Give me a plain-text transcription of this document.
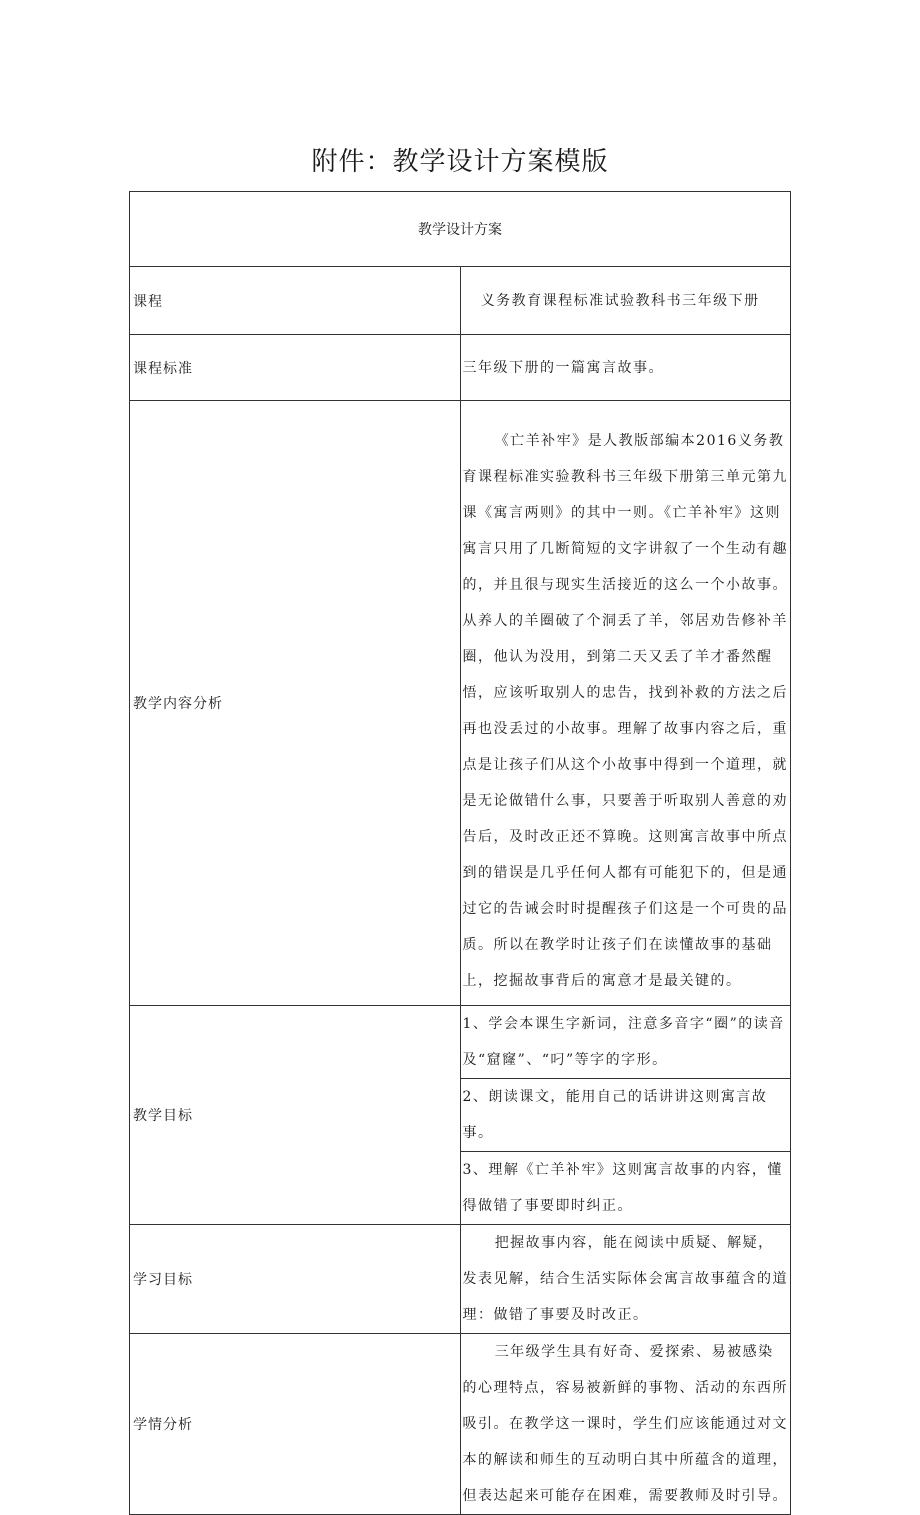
附件：教学设计方案模版
教学设计方案	
课程	义务教育课程标准试验教科书三年级下册
课程标准	三年级下册的一篇寓言故事。
教学内容分析	《亡羊补牢》是人教版部编本2016义务教育课程标准实验教科书三年级下册第三单元第九课《寓言两则》的其中一则。《亡羊补牢》这则寓言只用了几断简短的文字讲叙了一个生动有趣的，并且很与现实生活接近的这么一个小故事。从养人的羊圈破了个洞丢了羊，邻居劝告修补羊圈，他认为没用，到第二天又丢了羊才番然醒悟，应该听取别人的忠告，找到补救的方法之后再也没丢过的小故事。理解了故事内容之后，重点是让孩子们从这个小故事中得到一个道理，就是无论做错什么事，只要善于听取别人善意的劝告后，及时改正还不算晚。这则寓言故事中所点到的错误是几乎任何人都有可能犯下的，但是通过它的告诫会时时提醒孩子们这是一个可贵的品质。所以在教学时让孩子们在读懂故事的基础上，挖掘故事背后的寓意才是最关键的。
教学目标	1、学会本课生字新词，注意多音字“圈”的读音及“窟窿”、“叼”等字的字形。
	2、朗读课文，能用自己的话讲讲这则寓言故事。
	3、理解《亡羊补牢》这则寓言故事的内容，懂得做错了事要即时纠正。
学习目标	把握故事内容，能在阅读中质疑、解疑，发表见解，结合生活实际体会寓言故事蕴含的道理：做错了事要及时改正。
学情分析	三年级学生具有好奇、爱探索、易被感染的心理特点，容易被新鲜的事物、活动的东西所吸引。在教学这一课时，学生们应该能通过对文本的解读和师生的互动明白其中所蕴含的道理，但表达起来可能存在困难，需要教师及时引导。
